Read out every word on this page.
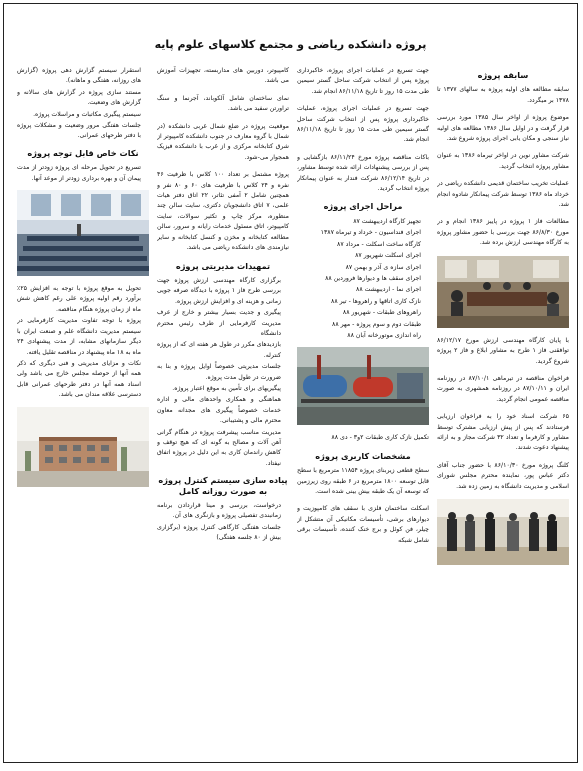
پروژه دانشکده ریاضی و مجتمع کلاسهای علوم پایه
سابقه پروژه

سابقه مطالعه های اولیه پروژه به سالهای ۱۳۷۷ تا ۱۳۷۸ بر میگردد.

موضوع پروژه از اواخر سال ۱۳۸۵ مورد بررسی قرار گرفت و در اوایل سال ۱۳۸۶ مطالعه های اولیه نیاز سنجی و مکان یابی اجرای پروژه شروع شد.

شرکت مشاور نوین در اواخر تیرماه ۱۳۸۶ به عنوان مشاور پروژه انتخاب گردید.

عملیات تخریب ساختمان قدیمی دانشکده ریاضی در خرداد ماه ۱۳۸۶ توسط شرکت پیمانکار شادوه انجام شد.

مطالعات فاز ۱ پروژه در پاییز ۱۳۸۶ انجام و در مورخ ۸۶/۸/۳۰ جهت بررسی با حضور مشاور پروژه به کارگاه مهندسی ارزش برده شد.

با پایان کارگاه مهندسی ارزش مورخ ۸۶/۱۲/۱۷ توافقنی فاز ۱ طرح به مشاور ابلاغ و فاز ۲ پروژه شروع گردید.

فراخوان مناقصه در تیرماهی ۸۷/۱۰/۱ در روزنامه ایران و ۸۷/۱۰/۱۱ در روزنامه همشهری به صورت مناقصه عمومی انجام گردید.

۶۵ شرکت اسناد خود را به فراخوان ارزیابی فرستادند که پس از پیش ارزیابی مشترک توسط مشاور و کارفرما و تعداد ۳۲ شرکت مجاز و به ارائه پیشنهاد دعوت شدند.

کلنگ پروژه مورخ ۸۶/۱۰/۳۰ با حضور جناب آقای دکتر عباس پور، نماینده محترم مجلس شورای اسلامی و مدیریت دانشگاه به زمین زده شد.

جهت تسریع در عملیات اجرای پروژه، خاکبرداری پروژه پس از انتخاب شرکت ساحل گستر سیمین طی مدت ۱۵ روز تا تاریخ ۸۶/۱۱/۱۸ انجام شد.

جهت تسریع در عملیات اجرای پروژه، عملیات خاکبرداری پروژه پس از انتخاب شرکت ساحل گستر سیمین طی مدت ۱۵ روز تا تاریخ ۸۶/۱۱/۱۸ انجام شد.

باکات مناقصه پروژه مورخ ۸۶/۱۱/۲۴ بازگشایی و پس از بررسی پیشنهادات ارائه شده توسط مشاور، در تاریخ ۸۶/۱۲/۱۴ شرکت فندار به عنوان پیمانکار پروژه انتخاب گردید.

مراحل اجرای پروژه
• تجهیز کارگاه اردیبهشت ۸۷
• اجرای فنداسیون - خرداد و تیرماه ۱۳۸۷
• کارگاه ساخت اسکلت - مرداد ۸۷
• اجرای اسکلت شهریور ۸۷
• اجرای سازه ی آذر و بهمن ۸۷
• اجرای سقف ها و دیوارها فروردین ۸۸
• اجرای نما - اردیبهشت ۸۸
• نازک کاری اتاقها و راهروها - تیر ۸۸
• راهروهای طبقات - شهریور ۸۸
• طبقات دوم و سوم پروژه - مهر ۸۸
• راه اندازی موتورخانه آبان ۸۸

تکمیل نازک کاری طبقات ۲و۳ - دی ۸۸

مشخصات کاربری پروژه

سطح قطعی زیربنای پروژه ۱۱۸۵۴ مترمربع با سطح قابل توسعه ۱۸۰۰ مترمربع در ۶ طبقه روی زیرزمین که توسعه آن یک طبقه بیش بینی شده است.

اسکلت ساختمان فلزی با سقف های کامپوزیت و دیوارهای برشی، تأسیسات مکانیکی آن متشکل از چیلر، فن کوئل و برج خنک کننده، تأسیسات برقی شامل شبکه

کامپیوتر، دوربین های مداربسته، تجهیزات آموزش می باشد.

نمای ساختمان شامل آلکوباند، آجرنما و سنگ تراورتن سفید می باشد.

موقعیت پروژه در ضلع شمال غربی دانشکده (در شمال با گروه معارف در جنوب دانشکده کامپیوتر از شرق کتابخانه مرکزی و از غرب با دانشکده فیزیک همجوار می-شود.

پروژه مشتمل بر تعداد ۱۰۰ کلاس با ظرفیت ۴۶ نفره و ۲۴ کلاس با ظرفیت های ۶۰ و ۸۰ نفر و همچنین شامل ۲ آمفی تئاتر، ۲۲ اتاق دفتر هیات علمی، ۷ اتاق دانشجویان دکتری، سایت سالن چند منظوره، مرکز چاپ و تکثیر سوالات، سایت کامپیوتر، اتاق مسئول خدمات رایانه و سرور، سالن مطالعه کتابخانه و مخزن و کنسل کتابخانه و سایر نیازمندی های دانشکده ریاضی می باشد.

تمهیدات مدیریتی پروژه
• برگزاری کارگاه مهندسی ارزش پروژه جهت بررسی طرح فاز ۱ پروژه با دیدگاه صرفه جویی زمانی و هزینه ای و افزایش ارزش پروژه.
• پیگیری و جدیت بسیار بیشتر و خارج از عرف مدیریت کارفرمایی از طرف رئیس محترم دانشگاه
• بازدیدهای مکرر در طول هر هفته ای که از پروژه کنترله.
• جلسات مدیریتی خصوصاً اوایل پروژه و بنا به ضرورت در طول مدت پروژه.
• پیگیریهای برای تأمین به موقع اعتبار پروژه.
• هماهنگی و همکاری واحدهای مالی و اداره خدمات خصوصاً پیگیری های مجدانه معاون محترم مالی و پشتیبانی.
• مدیریت مناسب پیشرفت پروژه در هنگام گرانی آهن آلات و مصالح به گونه ای که هیچ توقف و کاهش راندمان کاری به این دلیل در پروژه اتفاق نیفتاد.
پیاده سازی سیستم کنترل پروژه به صورت روزانه کامل
• درخواست، بررسی و مینا قراردادن برنامه زمانبندی تفصیلی پروژه و بازنگری های آن.
• جلسات هفتگی کارگاهی کنترل پروژه (برگزاری بیش از ۸۰ جلسه هفتگی)
• استقرار سیستم گزارش دهی پروژه (گزارش های روزانه، هفتگی و ماهانه).
• مستند سازی پروژه در گزارش های سالانه و گزارش های وضعیت.
• سیستم پیگیری مکاتبات و مراسلات پروژه.
• جلسات هفتگی مرور وضعیت و مشکلات پروژه با دفتر طرحهای عمرانی.
نکات خاص قابل توجه پروژه
• تسریع در تحویل مرحله ای پروژه زودتر از مدت پیمان آن و بهره برداری زودتر از موعد آنها.
• تحویل به موقع پروژه با توجه به افزایش ۲۵٪ برآورد رقم اولیه پروژه علی رغم کاهش شش ماه از زمان پروژه هنگام مناقصه.
• پروژه با توجه تفاوت مدیریت کارفرمایی در سیستم مدیریت دانشگاه علم و صنعت ایران با دیگر سازمانهای مشابه، از مدت پیشنهادی ۲۴ ماه به ۱۸ ماه پیشنهاد در مناقصه تقلیل یافته.
• نکات و مزایای مدیریتی و فنی دیگری که ذکر همه آنها از حوصله مجلس خارج می باشد ولی اسناد همه آنها در دفتر طرحهای عمرانی قابل دسترسی علاقه مندان می باشد.
